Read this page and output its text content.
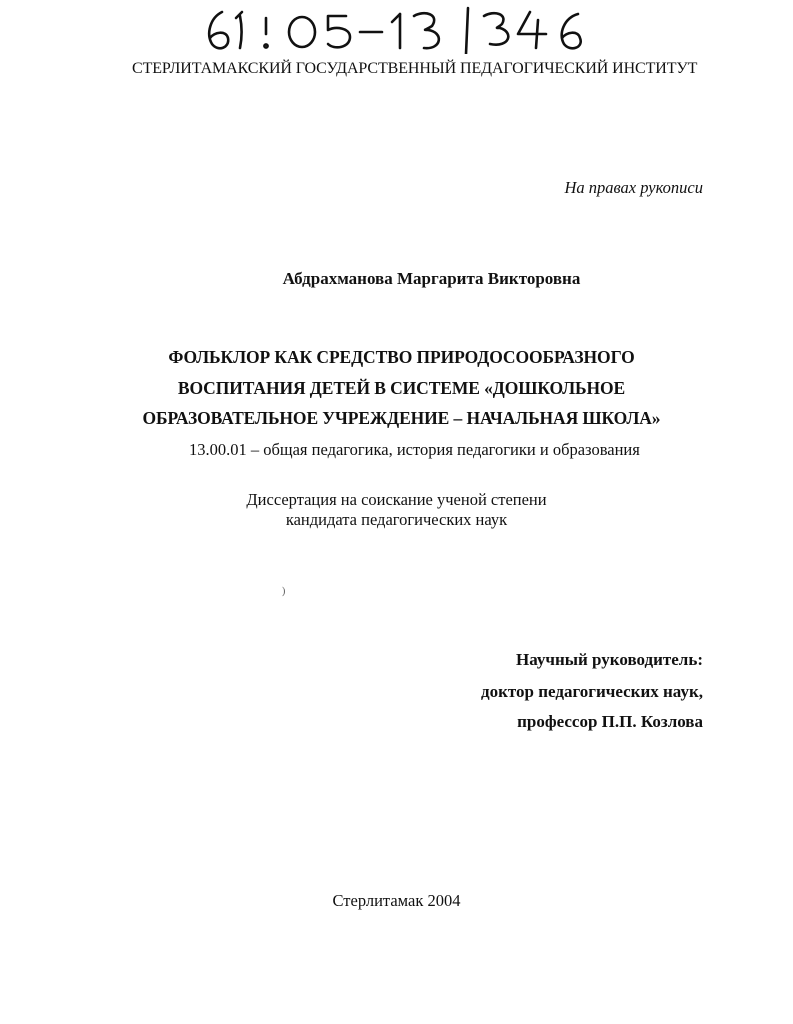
СТЕРЛИТАМАКСКИЙ ГОСУДАРСТВЕННЫЙ ПЕДАГОГИЧЕСКИЙ ИНСТИТУТ
На правах рукописи
Абдрахманова Маргарита Викторовна
ФОЛЬКЛОР КАК СРЕДСТВО ПРИРОДОСООБРАЗНОГО
ВОСПИТАНИЯ ДЕТЕЙ В СИСТЕМЕ «ДОШКОЛЬНОЕ
ОБРАЗОВАТЕЛЬНОЕ УЧРЕЖДЕНИЕ – НАЧАЛЬНАЯ ШКОЛА»
13.00.01 – общая педагогика, история педагогики и образования
Диссертация на соискание ученой степени
кандидата педагогических наук
)
Научный руководитель:
доктор педагогических наук,
профессор П.П. Козлова
Стерлитамак 2004
